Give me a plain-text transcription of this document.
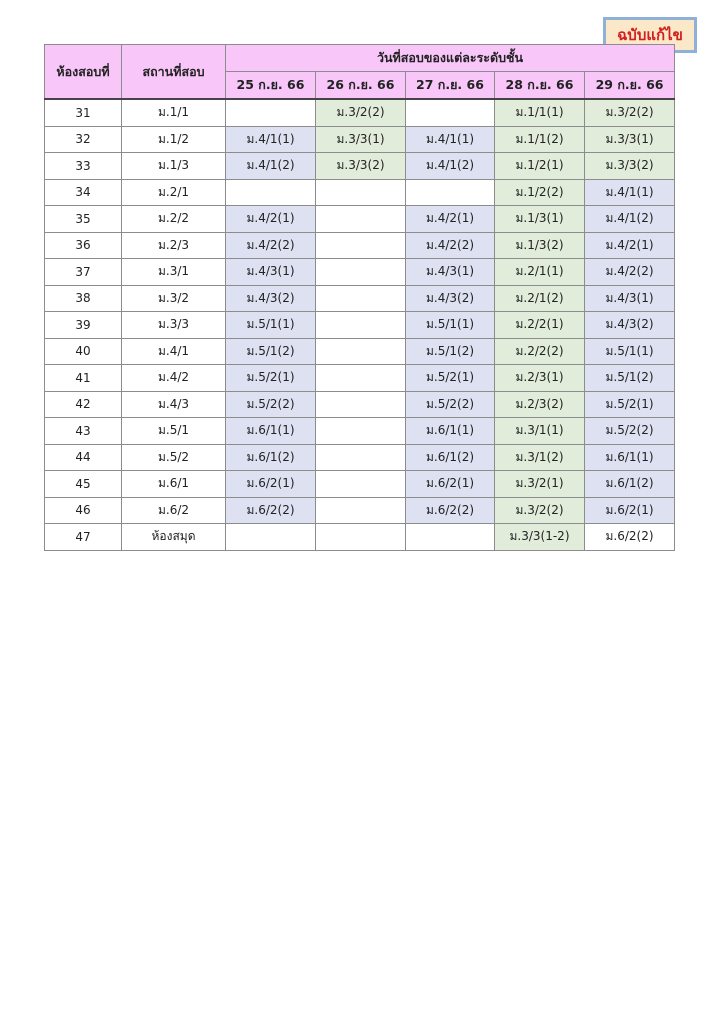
ฉบับแก้ไข
ห้องสอบที่	สถานที่สอบ	วันที่สอบของแต่ละระดับชั้น				
		25 ก.ย. 66	26 ก.ย. 66	27 ก.ย. 66	28 ก.ย. 66	29 ก.ย. 66
31	ม.1/1		ม.3/2(2)		ม.1/1(1)	ม.3/2(2)
32	ม.1/2	ม.4/1(1)	ม.3/3(1)	ม.4/1(1)	ม.1/1(2)	ม.3/3(1)
33	ม.1/3	ม.4/1(2)	ม.3/3(2)	ม.4/1(2)	ม.1/2(1)	ม.3/3(2)
34	ม.2/1				ม.1/2(2)	ม.4/1(1)
35	ม.2/2	ม.4/2(1)		ม.4/2(1)	ม.1/3(1)	ม.4/1(2)
36	ม.2/3	ม.4/2(2)		ม.4/2(2)	ม.1/3(2)	ม.4/2(1)
37	ม.3/1	ม.4/3(1)		ม.4/3(1)	ม.2/1(1)	ม.4/2(2)
38	ม.3/2	ม.4/3(2)		ม.4/3(2)	ม.2/1(2)	ม.4/3(1)
39	ม.3/3	ม.5/1(1)		ม.5/1(1)	ม.2/2(1)	ม.4/3(2)
40	ม.4/1	ม.5/1(2)		ม.5/1(2)	ม.2/2(2)	ม.5/1(1)
41	ม.4/2	ม.5/2(1)		ม.5/2(1)	ม.2/3(1)	ม.5/1(2)
42	ม.4/3	ม.5/2(2)		ม.5/2(2)	ม.2/3(2)	ม.5/2(1)
43	ม.5/1	ม.6/1(1)		ม.6/1(1)	ม.3/1(1)	ม.5/2(2)
44	ม.5/2	ม.6/1(2)		ม.6/1(2)	ม.3/1(2)	ม.6/1(1)
45	ม.6/1	ม.6/2(1)		ม.6/2(1)	ม.3/2(1)	ม.6/1(2)
46	ม.6/2	ม.6/2(2)		ม.6/2(2)	ม.3/2(2)	ม.6/2(1)
47	ห้องสมุด				ม.3/3(1-2)	ม.6/2(2)
